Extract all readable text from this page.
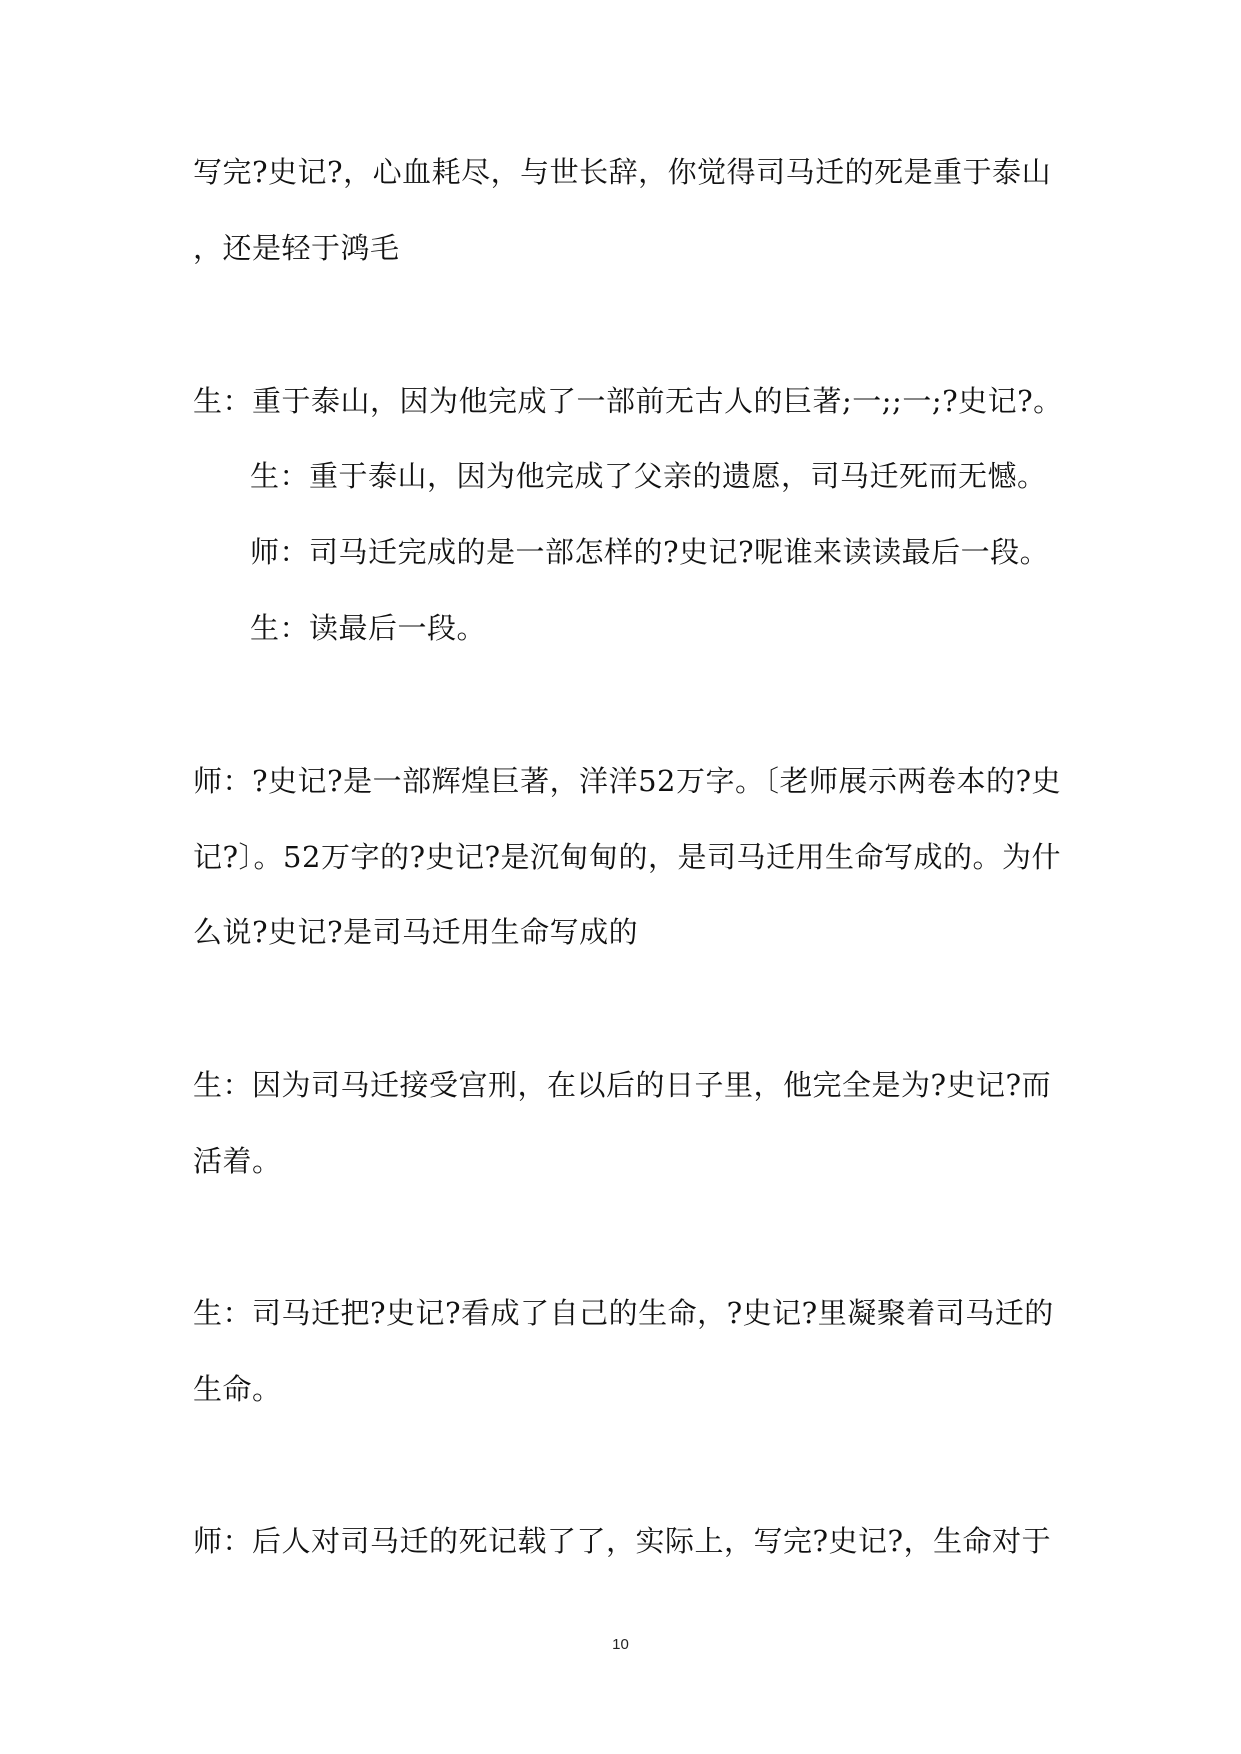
写完?史记?，心血耗尽，与世长辞，你觉得司马迁的死是重于泰山
，还是轻于鸿毛
生：重于泰山，因为他完成了一部前无古人的巨著;一;;一;?史记?。
生：重于泰山，因为他完成了父亲的遗愿，司马迁死而无憾。
师：司马迁完成的是一部怎样的?史记?呢谁来读读最后一段。
生：读最后一段。
师：?史记?是一部辉煌巨著，洋洋52万字。〔老师展示两卷本的?史
记?〕。52万字的?史记?是沉甸甸的，是司马迁用生命写成的。为什
么说?史记?是司马迁用生命写成的
生：因为司马迁接受宫刑，在以后的日子里，他完全是为?史记?而
活着。
生：司马迁把?史记?看成了自己的生命，?史记?里凝聚着司马迁的
生命。
师：后人对司马迁的死记载了了，实际上，写完?史记?，生命对于
10
